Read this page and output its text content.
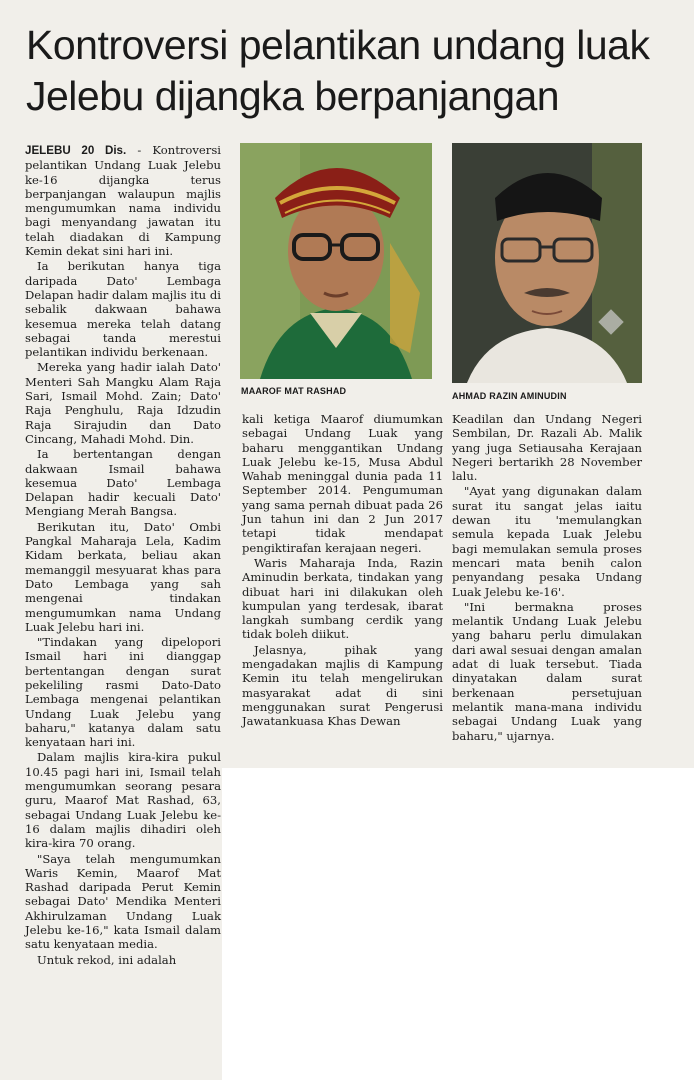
Kontroversi pelantikan undang luak
Jelebu dijangka berpanjangan

JELEBU 20 Dis. - Kontroversi pelantikan Undang Luak Jelebu ke-16 dijangka terus berpanjangan walaupun majlis mengumumkan nama individu bagi menyandang jawatan itu telah diadakan di Kampung Kemin dekat sini hari ini.

Ia berikutan hanya tiga daripada Dato' Lembaga Delapan hadir dalam majlis itu di sebalik dakwaan bahawa kesemua mereka telah datang sebagai tanda merestui pelantikan individu berkenaan.

Mereka yang hadir ialah Dato' Menteri Sah Mangku Alam Raja Sari, Ismail Mohd. Zain; Dato' Raja Penghulu, Raja Idzudin Raja Sirajudin dan Dato Cincang, Mahadi Mohd. Din.

Ia bertentangan dengan dakwaan Ismail bahawa kesemua Dato' Lembaga Delapan hadir kecuali Dato' Mengiang Merah Bangsa.

Berikutan itu, Dato' Ombi Pangkal Maharaja Lela, Kadim Kidam berkata, beliau akan memanggil mesyuarat khas para Dato Lembaga yang sah mengenai tindakan mengumumkan nama Undang Luak Jelebu hari ini.

"Tindakan yang dipelopori Ismail hari ini dianggap bertentangan dengan surat pekeliling rasmi Dato-Dato Lembaga mengenai pelantikan Undang Luak Jelebu yang baharu," katanya dalam satu kenyataan hari ini.

Dalam majlis kira-kira pukul 10.45 pagi hari ini, Ismail telah mengumumkan seorang pesara guru, Maarof Mat Rashad, 63, sebagai Undang Luak Jelebu ke-16 dalam majlis dihadiri oleh kira-kira 70 orang.

"Saya telah mengumumkan Waris Kemin, Maarof Mat Rashad daripada Perut Kemin sebagai Dato' Mendika Menteri Akhirulzaman Undang Luak Jelebu ke-16," kata Ismail dalam satu kenyataan media.

Untuk rekod, ini adalah

MAAROF MAT RASHAD	AHMAD RAZIN AMINUDIN

kali ketiga Maarof diumumkan sebagai Undang Luak yang baharu menggantikan Undang Luak Jelebu ke-15, Musa Abdul Wahab meninggal dunia pada 11 September 2014. Pengumuman yang sama pernah dibuat pada 26 Jun tahun ini dan 2 Jun 2017 tetapi tidak mendapat pengiktirafan kerajaan negeri.

Waris Maharaja Inda, Razin Aminudin berkata, tindakan yang dibuat hari ini dilakukan oleh kumpulan yang terdesak, ibarat langkah sumbang cerdik yang tidak boleh diikut.

Jelasnya, pihak yang mengadakan majlis di Kampung Kemin itu telah mengelirukan masyarakat adat di sini menggunakan surat Pengerusi Jawatankuasa Khas Dewan

Keadilan dan Undang Negeri Sembilan, Dr. Razali Ab. Malik yang juga Setiausaha Kerajaan Negeri bertarikh 28 November lalu.

"Ayat yang digunakan dalam surat itu sangat jelas iaitu dewan itu 'memulangkan semula kepada Luak Jelebu bagi memulakan semula proses mencari mata benih calon penyandang pesaka Undang Luak Jelebu ke-16'.

"Ini bermakna proses melantik Undang Luak Jelebu yang baharu perlu dimulakan dari awal sesuai dengan amalan adat di luak tersebut. Tiada dinyatakan dalam surat berkenaan persetujuan melantik mana-mana individu sebagai Undang Luak yang baharu," ujarnya.
